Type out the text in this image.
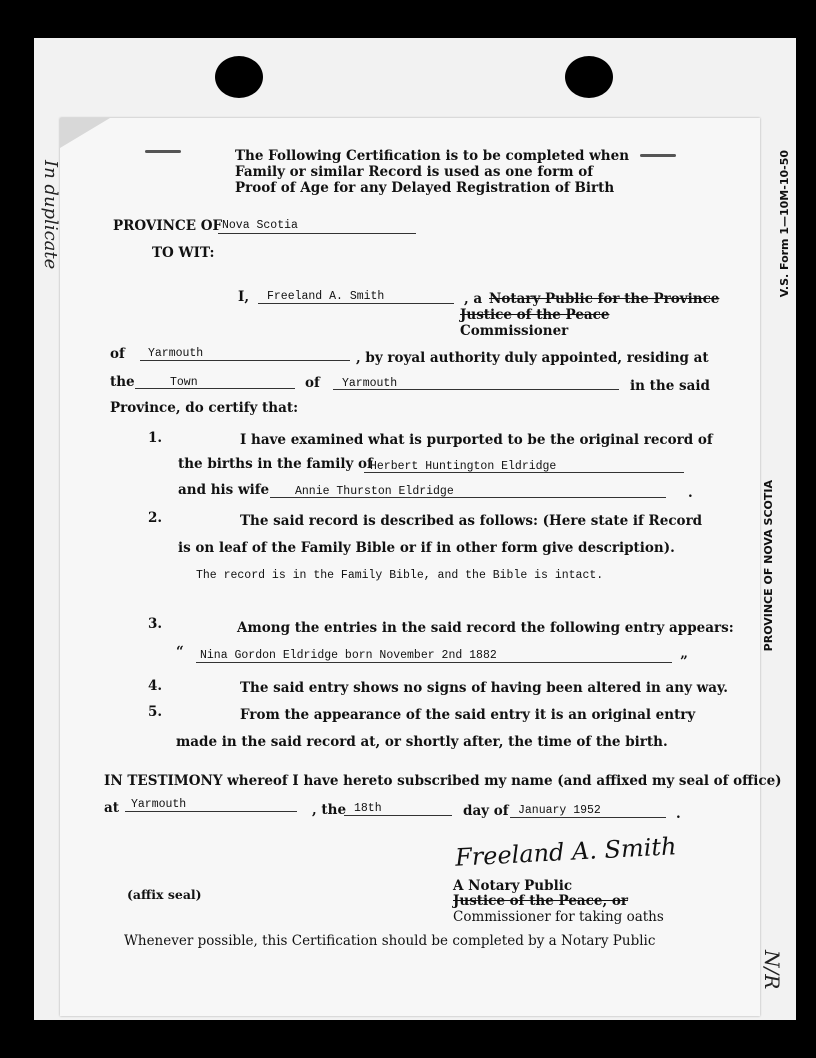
V.S. Form 1—10M-10-50
PROVINCE OF NOVA SCOTIA
In duplicate
N/R
The Following Certification is to be completed when
Family or similar Record is used as one form of
Proof of Age for any Delayed Registration of Birth
PROVINCE OF Nova Scotia
TO WIT:
I, Freeland A. Smith	, a Notary Public for the Province
Justice of the Peace
Commissioner
of Yarmouth	, by royal authority duly appointed, residing at
the	Town	of Yarmouth	in the said
Province, do certify that:
1.	I have examined what is purported to be the original record of
the births in the family of
Herbert Huntington Eldridge
and his wife Annie Thurston Eldridge	.
2.	The said record is described as follows: (Here state if Record
is on leaf of the Family Bible or if in other form give description).
The record is in the Family Bible, and the Bible is intact.
3.	Among the entries in the said record the following entry appears:
“ Nina Gordon Eldridge born November 2nd 1882	”
4.	The said entry shows no signs of having been altered in any way.
5.	From the appearance of the said entry it is an original entry
made in the said record at, or shortly after, the time of the birth.
IN TESTIMONY whereof I have hereto subscribed my name (and affixed my seal of office)
at Yarmouth	, the 18th	day of January 1952	.
Freeland A. Smith
(affix seal)
A Notary Public
Justice of the Peace, or
Commissioner for taking oaths
Whenever possible, this Certification should be completed by a Notary Public
